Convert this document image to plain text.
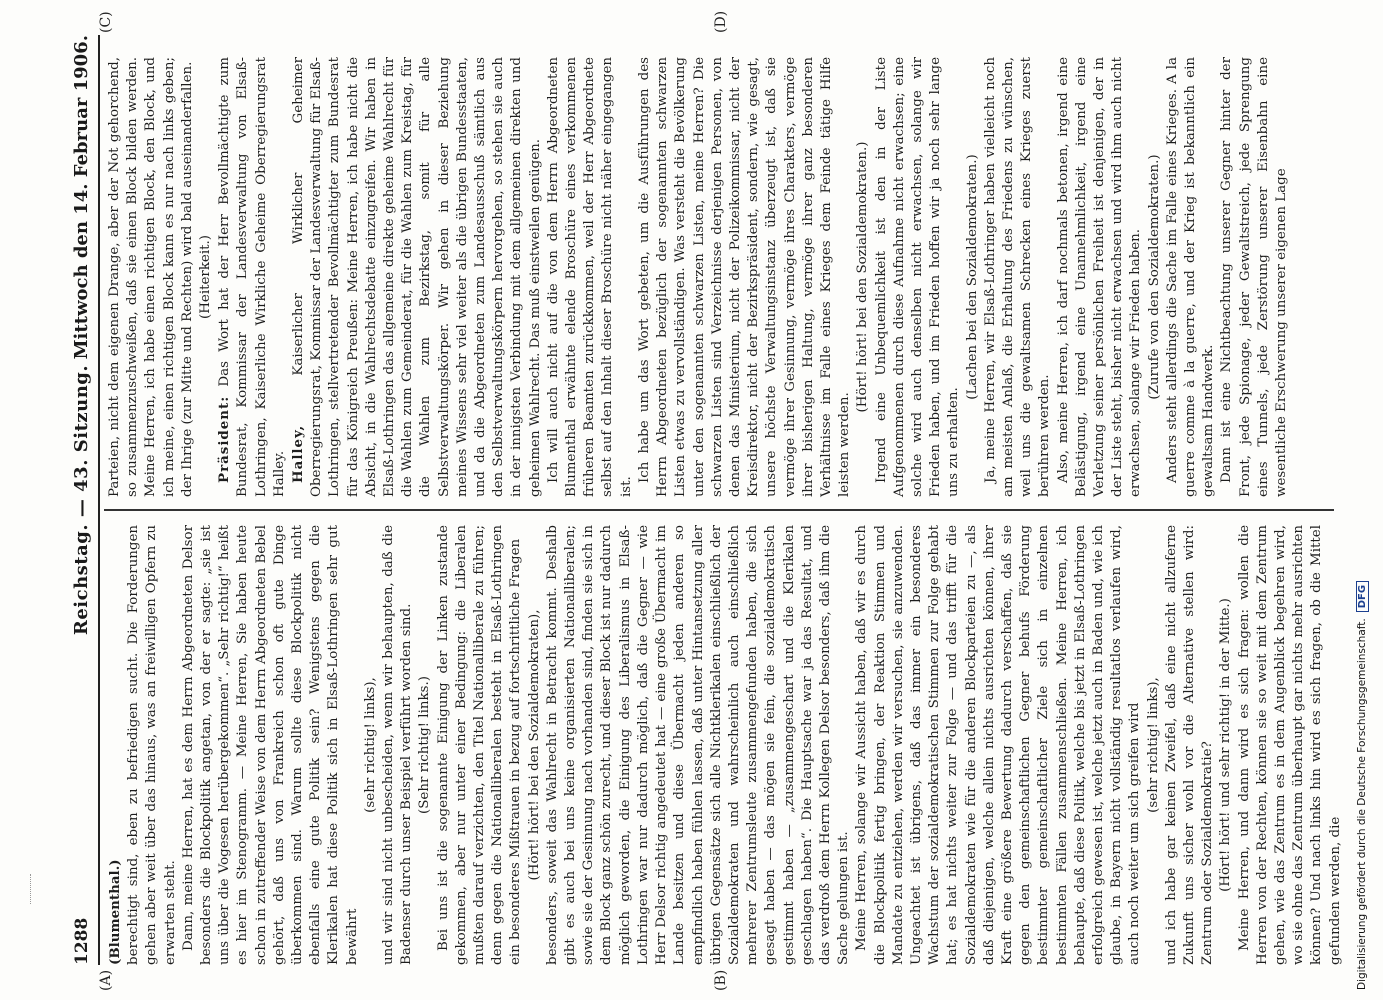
1288
Reichstag. — 43. Sitzung.
Mittwoch den 14. Februar 1906.
(A)	(B)
(C)	(D)

(Blumenthal.) berechtigt sind, eben zu befriedigen sucht. Die Forderungen gehen aber weit über das hinaus, was an freiwilligen Opfern zu erwarten steht. Dann, meine Herren, hat es dem Herrn Abgeordneten Delsor besonders die Blockpolitik angetan, von der er sagte: „sie ist uns über die Vogesen herübergekommen“. „Sehr richtig!“ heißt es hier im Stenogramm. — Meine Herren, Sie haben heute schon in zutreffender Weise von dem Herrn Abgeordneten Bebel gehört, daß uns von Frankreich schon oft gute Dinge überkommen sind. Warum sollte diese Blockpolitik nicht ebenfalls eine gute Politik sein? Wenigstens gegen die Klerikalen hat diese Politik sich in Elsaß-Lothringen sehr gut bewährt

(sehr richtig! links), und wir sind nicht unbescheiden, wenn wir behaupten, daß die Badenser durch unser Beispiel verführt worden sind. (Sehr richtig! links.) Bei uns ist die sogenannte Einigung der Linken zustande gekommen, aber nur unter einer Bedingung: die Liberalen mußten darauf verzichten, den Titel Nationalliberale zu führen; denn gegen die Nationalliberalen besteht in Elsaß-Lothringen ein besonderes Mißtrauen in bezug auf fortschrittliche Fragen (Hört! hört! bei den Sozialdemokraten), besonders, soweit das Wahlrecht in Betracht kommt. Deshalb gibt es auch bei uns keine organisierten Nationalliberalen; sowie sie der Gesinnung nach vorhanden sind, finden sie sich in dem Block ganz schön zurecht, und dieser Block ist nur dadurch möglich geworden, die Einigung des Liberalismus in Elsaß-Lothringen war nur dadurch möglich, daß die Gegner — wie Herr Delsor richtig angedeutet hat — eine große Übermacht im Lande besitzen und diese Übermacht jeden anderen so empfindlich haben fühlen lassen, daß unter Hintansetzung aller übrigen Gegensätze sich alle Nichtklerikalen einschließlich der Sozialdemokraten und wahrscheinlich auch einschließlich mehrerer Zentrumsleute zusammengefunden haben, die sich gesagt haben — das mögen sie fein, die sozialdemokratisch gestimmt haben — „zusammengeschart und die Klerikalen geschlagen haben“. Die Hauptsache war ja das Resultat, und das verdroß dem Herrn Kollegen Delsor besonders, daß ihm die Sache gelungen ist. Meine Herren, solange wir Aussicht haben, daß wir es durch die Blockpolitik fertig bringen, der Reaktion Stimmen und Mandate zu entziehen, werden wir versuchen, sie anzuwenden. Ungeachtet ist übrigens, daß das immer ein besonderes Wachstum der sozialdemokratischen Stimmen zur Folge gehabt hat; es hat nichts weiter zur Folge — und das trifft für die Sozialdemokraten wie für die anderen Blockparteien zu —, als daß diejenigen, welche allein nichts ausrichten können, ihrer Kraft eine größere Bewertung dadurch verschaffen, daß sie gegen den gemeinschaftlichen Gegner behufs Förderung bestimmter gemeinschaftlicher Ziele sich in einzelnen bestimmten Fällen zusammenschließen. Meine Herren, ich behaupte, daß diese Politik, welche bis jetzt in Elsaß-Lothringen erfolgreich gewesen ist, welche jetzt auch in Baden und, wie ich glaube, in Bayern nicht vollständig resultatlos verlaufen wird, auch noch weiter um sich greifen wird (sehr richtig! links), und ich habe gar keinen Zweifel, daß eine nicht allzuferne Zukunft uns sicher wohl vor die Alternative stellen wird: Zentrum oder Sozialdemokratie? (Hört! hört! und sehr richtig! in der Mitte.) Meine Herren, und dann wird es sich fragen: wollen die Herren von der Rechten, können sie so weit mit dem Zentrum gehen, wie das Zentrum es in dem Augenblick begehren wird, wo sie ohne das Zentrum überhaupt gar nichts mehr ausrichten können? Und nach links hin wird es sich fragen, ob die Mittel gefunden werden, die

Parteien, nicht dem eigenen Drange, aber der Not gehorchend, so zusammenzuschweißen, daß sie einen Block bilden werden. Meine Herren, ich habe einen richtigen Block, den Block, und ich meine, einen richtigen Block kann es nur nach links geben; der Ihrige (zur Mitte und Rechten) wird bald auseinanderfallen. (Heiterkeit.)

Präsident: Das Wort hat der Herr Bevollmächtigte zum Bundesrat, Kommissar der Landesverwaltung von Elsaß-Lothringen, Kaiserliche Wirkliche Geheime Oberregierungsrat Halley. Halley, Kaiserlicher Wirklicher Geheimer Oberregierungsrat, Kommissar der Landesverwaltung für Elsaß-Lothringen, stellvertretender Bevollmächtigter zum Bundesrat für das Königreich Preußen: Meine Herren, ich habe nicht die Absicht, in die Wahlrechtsdebatte einzugreifen. Wir haben in Elsaß-Lothringen das allgemeine direkte geheime Wahlrecht für die Wahlen zum Gemeinderat, für die Wahlen zum Kreistag, für die Wahlen zum Bezirkstag, somit für alle Selbstverwaltungskörper. Wir gehen in dieser Beziehung meines Wissens sehr viel weiter als die übrigen Bundesstaaten, und da die Abgeordneten zum Landesausschuß sämtlich aus den Selbstverwaltungskörpern hervorgehen, so stehen sie auch in der innigsten Verbindung mit dem allgemeinen direkten und geheimen Wahlrecht. Das muß einstweilen genügen. Ich will auch nicht auf die von dem Herrn Abgeordneten Blumenthal erwähnte elende Broschüre eines verkommenen früheren Beamten zurückkommen, weil der Herr Abgeordnete selbst auf den Inhalt dieser Broschüre nicht näher eingegangen ist.

Ich habe um das Wort gebeten, um die Ausführungen des Herrn Abgeordneten bezüglich der sogenannten schwarzen Listen etwas zu vervollständigen. Was versteht die Bevölkerung unter den sogenannten schwarzen Listen, meine Herren? Die schwarzen Listen sind Verzeichnisse derjenigen Personen, von denen das Ministerium, nicht der Polizeikommissar, nicht der Kreisdirektor, nicht der Bezirkspräsident, sondern, wie gesagt, unsere höchste Verwaltungsinstanz überzeugt ist, daß sie vermöge ihrer Gesinnung, vermöge ihres Charakters, vermöge ihrer bisherigen Haltung, vermöge ihrer ganz besonderen Verhältnisse im Falle eines Krieges dem Feinde tätige Hilfe leisten werden.

(Hört! hört! bei den Sozialdemokraten.) Irgend eine Unbequemlichkeit ist den in der Liste Aufgenommenen durch diese Aufnahme nicht erwachsen; eine solche wird auch denselben nicht erwachsen, solange wir Frieden haben, und im Frieden hoffen wir ja noch sehr lange uns zu erhalten.

(Lachen bei den Sozialdemokraten.) Ja, meine Herren, wir Elsaß-Lothringer haben vielleicht noch am meisten Anlaß, die Erhaltung des Friedens zu wünschen, weil uns die gewaltsamen Schrecken eines Krieges zuerst berühren werden. Also, meine Herren, ich darf nochmals betonen, irgend eine Belästigung, irgend eine Unannehmlichkeit, irgend eine Verletzung seiner persönlichen Freiheit ist denjenigen, der in der Liste steht, bisher nicht erwachsen und wird ihm auch nicht erwachsen, solange wir Frieden haben. (Zurufe von den Sozialdemokraten.) Anders steht allerdings die Sache im Falle eines Krieges. A la guerre comme à la guerre, und der Krieg ist bekanntlich ein gewaltsam Handwerk. Dann ist eine Nichtbeachtung unserer Gegner hinter der Front, jede Spionage, jeder Gewaltstreich, jede Sprengung eines Tunnels, jede Zerstörung unserer Eisenbahn eine wesentliche Erschwerung unserer eigenen Lage

Digitalisierung gefördert durch die Deutsche Forschungsgemeinschaft.DFG
